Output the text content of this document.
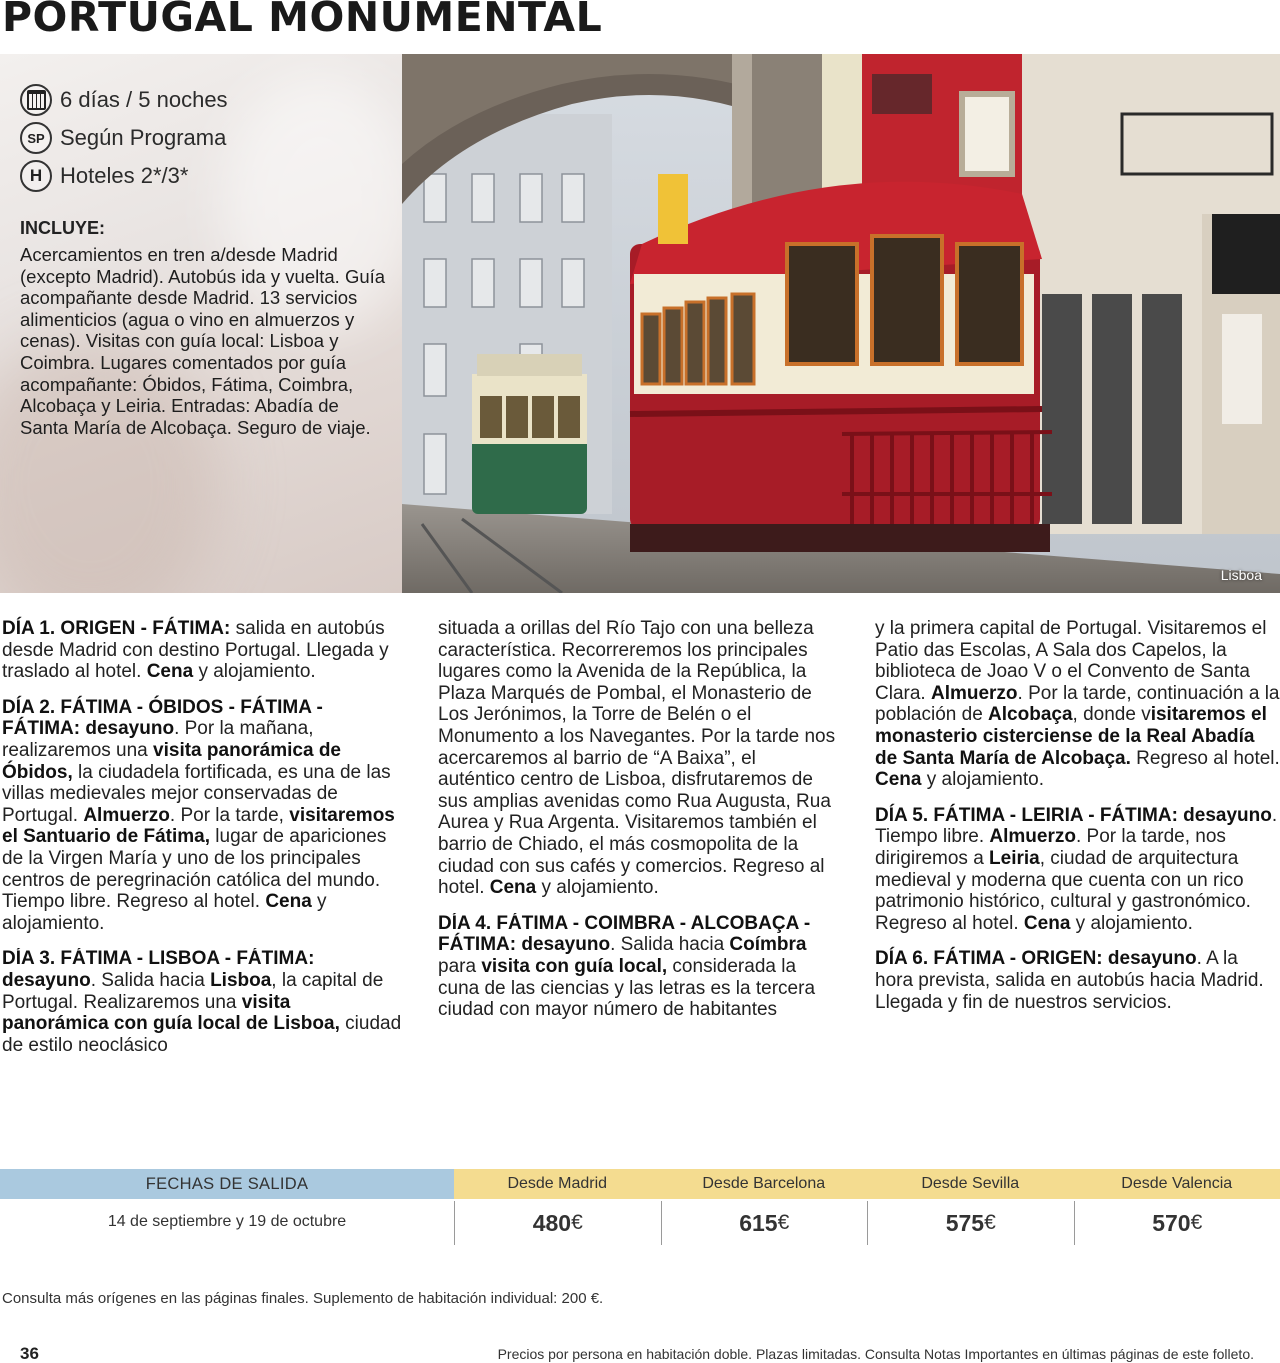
PORTUGAL MONUMENTAL
6 días / 5 noches
SP Según Programa
H Hoteles 2*/3*
INCLUYE:
Acercamientos en tren a/desde Madrid (excepto Madrid). Autobús ida y vuelta. Guía acompañante desde Madrid. 13 servicios alimenticios (agua o vino en almuerzos y cenas). Visitas con guía local: Lisboa y Coimbra. Lugares comentados por guía acompañante: Óbidos, Fátima, Coimbra, Alcobaça y Leiria. Entradas: Abadía de Santa María de Alcobaça. Seguro de viaje.
Lisboa

DÍA 1. ORIGEN - FÁTIMA: salida en autobús desde Madrid con destino Portugal. Llegada y traslado al hotel. Cena y alojamiento.

DÍA 2. FÁTIMA - ÓBIDOS - FÁTIMA - FÁTIMA: desayuno. Por la mañana, realizaremos una visita panorámica de Óbidos, la ciudadela fortificada, es una de las villas medievales mejor conservadas de Portugal. Almuerzo. Por la tarde, visitaremos el Santuario de Fátima, lugar de apariciones de la Virgen María y uno de los principales centros de peregrinación católica del mundo. Tiempo libre. Regreso al hotel. Cena y alojamiento.

DÍA 3. FÁTIMA - LISBOA - FÁTIMA: desayuno. Salida hacia Lisboa, la capital de Portugal. Realizaremos una visita panorámica con guía local de Lisboa, ciudad de estilo neoclásico

situada a orillas del Río Tajo con una belleza característica. Recorreremos los principales lugares como la Avenida de la República, la Plaza Marqués de Pombal, el Monasterio de Los Jerónimos, la Torre de Belén o el Monumento a los Navegantes. Por la tarde nos acercaremos al barrio de “A Baixa”, el auténtico centro de Lisboa, disfrutaremos de sus amplias avenidas como Rua Augusta, Rua Aurea y Rua Argenta. Visitaremos también el barrio de Chiado, el más cosmopolita de la ciudad con sus cafés y comercios. Regreso al hotel. Cena y alojamiento.

DÍA 4. FÁTIMA - COIMBRA - ALCOBAÇA - FÁTIMA: desayuno. Salida hacia Coímbra para visita con guía local, considerada la cuna de las ciencias y las letras es la tercera ciudad con mayor número de habitantes

y la primera capital de Portugal. Visitaremos el Patio das Escolas, A Sala dos Capelos, la biblioteca de Joao V o el Convento de Santa Clara. Almuerzo. Por la tarde, continuación a la población de Alcobaça, donde visitaremos el monasterio cisterciense de la Real Abadía de Santa María de Alcobaça. Regreso al hotel. Cena y alojamiento.

DÍA 5. FÁTIMA - LEIRIA - FÁTIMA: desayuno. Tiempo libre. Almuerzo. Por la tarde, nos dirigiremos a Leiria, ciudad de arquitectura medieval y moderna que cuenta con un rico patrimonio histórico, cultural y gastronómico. Regreso al hotel. Cena y alojamiento.

DÍA 6. FÁTIMA - ORIGEN: desayuno. A la hora prevista, salida en autobús hacia Madrid. Llegada y fin de nuestros servicios.

FECHAS DE SALIDA	Desde Madrid	Desde Barcelona	Desde Sevilla	Desde Valencia
14 de septiembre y 19 de octubre	480 €	615 €	575 €	570 €
Consulta más orígenes en las páginas finales. Suplemento de habitación individual: 200 €.
36	Precios por persona en habitación doble. Plazas limitadas. Consulta Notas Importantes en últimas páginas de este folleto.
